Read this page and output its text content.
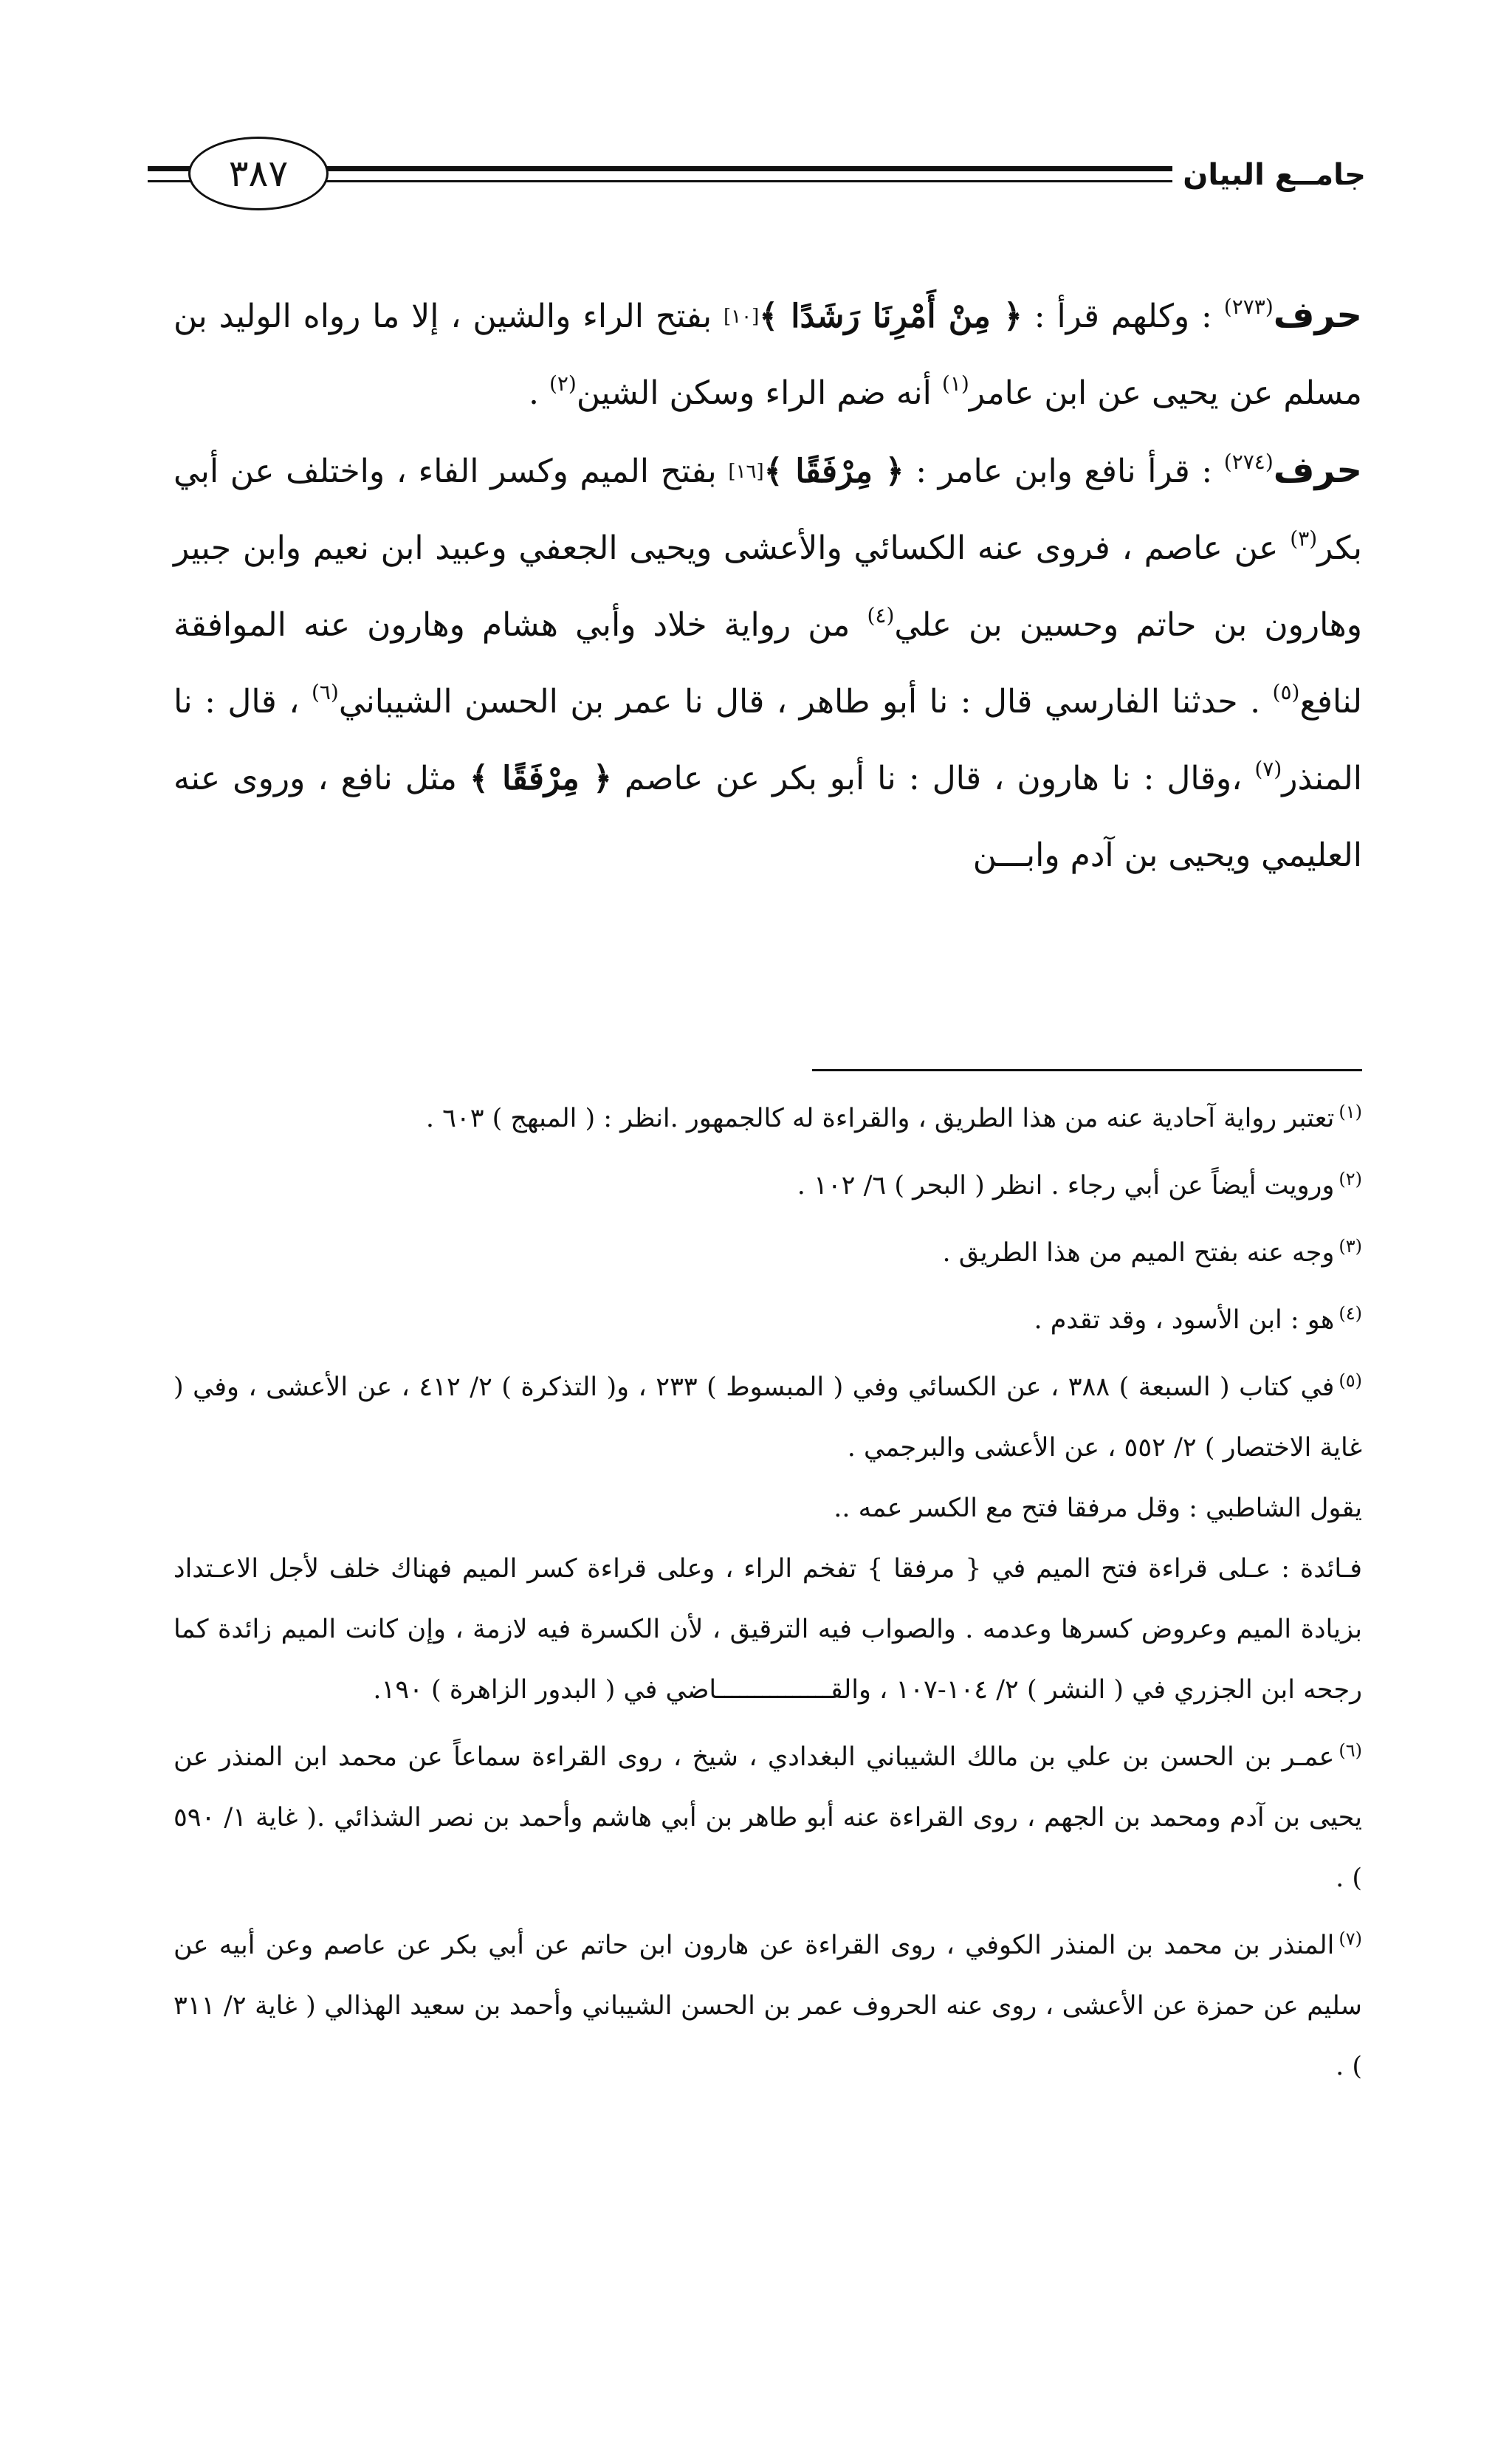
جامــع البيان
٣٨٧

حرف$^{(٢٧٣)}$ : وكلهم قرأ : ﴿ مِنْ أَمْرِنَا رَشَدًا ﴾[١٠] بفتح الراء والشين ، إلا ما رواه الوليد بن مسلم عن يحيى عن ابن عامر$^{(١)}$ أنه ضم الراء وسكن الشين$^{(٢)}$ .

حرف$^{(٢٧٤)}$ : قرأ نافع وابن عامر : ﴿ مِرْفَقًا ﴾[١٦] بفتح الميم وكسر الفاء ، واختلف عن أبي بكر$^{(٣)}$ عن عاصم ، فروى عنه الكسائي والأعشى ويحيى الجعفي وعبيد ابن نعيم وابن جبير وهارون بن حاتم وحسين بن علي$^{(٤)}$ من رواية خلاد وأبي هشام وهارون عنه الموافقة لنافع$^{(٥)}$ . حدثنا الفارسي قال : نا أبو طاهر ، قال نا عمر بن الحسن الشيباني$^{(٦)}$ ، قال : نا المنذر$^{(٧)}$ ،وقال : نا هارون ، قال : نا أبو بكر عن عاصم ﴿ مِرْفَقًا ﴾ مثل نافع ، وروى عنه العليمي ويحيى بن آدم وابـــن

$^{(١)}$تعتبر رواية آحادية عنه من هذا الطريق ، والقراءة له كالجمهور .انظر : ( المبهج ) ٦٠٣ .

$^{(٢)}$ورويت أيضاً عن أبي رجاء . انظر ( البحر ) ٦/ ١٠٢ .

$^{(٣)}$وجه عنه بفتح الميم من هذا الطريق .

$^{(٤)}$هو : ابن الأسود ، وقد تقدم .

$^{(٥)}$في كتاب ( السبعة ) ٣٨٨ ، عن الكسائي وفي ( المبسوط ) ٢٣٣ ، و( التذكرة ) ٢/ ٤١٢ ، عن الأعشى ، وفي ( غاية الاختصار ) ٢/ ٥٥٢ ، عن الأعشى والبرجمي .

يقول الشاطبي : وقل مرفقا فتح مع الكسر عمه ..

فـائدة : عـلى قراءة فتح الميم في { مرفقا } تفخم الراء ، وعلى قراءة كسر الميم فهناك خلف لأجل الاعـتداد بزيادة الميم وعروض كسرها وعدمه . والصواب فيه الترقيق ، لأن الكسرة فيه لازمة ، وإن كانت الميم زائدة كما رجحه ابن الجزري في ( النشر ) ٢/ ١٠٤-١٠٧ ، والقـــــــــــــــاضي في ( البدور الزاهرة ) ١٩٠.

$^{(٦)}$عمـر بن الحسن بن علي بن مالك الشيباني البغدادي ، شيخ ، روى القراءة سماعاً عن محمد ابن المنذر عن يحيى بن آدم ومحمد بن الجهم ، روى القراءة عنه أبو طاهر بن أبي هاشم وأحمد بن نصر الشذائي .( غاية ١/ ٥٩٠ ) .

$^{(٧)}$المنذر بن محمد بن المنذر الكوفي ، روى القراءة عن هارون ابن حاتم عن أبي بكر عن عاصم وعن أبيه عن سليم عن حمزة عن الأعشى ، روى عنه الحروف عمر بن الحسن الشيباني وأحمد بن سعيد الهذالي ( غاية ٢/ ٣١١ ) .
